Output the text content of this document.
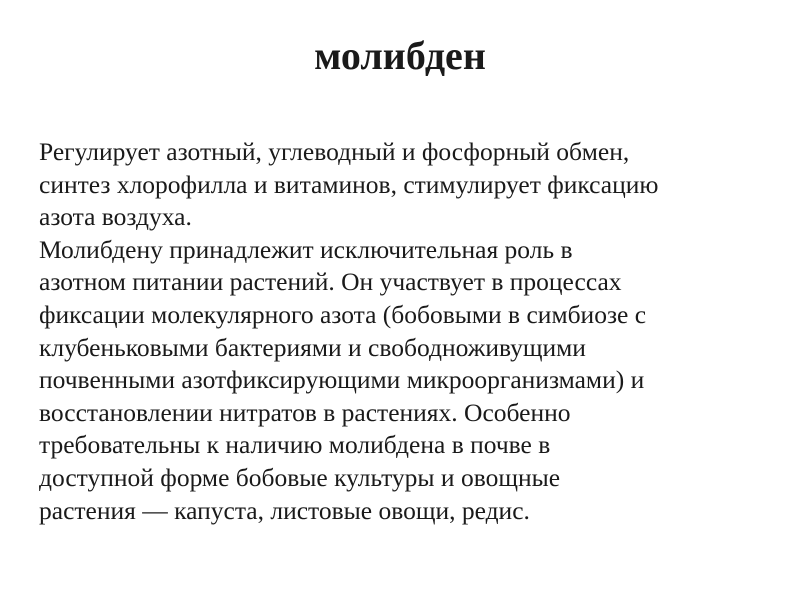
молибден
Регулирует азотный, углеводный и фосфорный обмен,
синтез хлорофилла и витаминов, стимулирует фиксацию
азота воздуха.
Молибдену принадлежит исключительная роль в
азотном питании растений. Он участвует в процессах
фиксации молекулярного азота (бобовыми в симбиозе с
клубеньковыми бактериями и свободноживущими
почвенными азотфиксирующими микроорганизмами) и
восстановлении нитратов в растениях. Особенно
требовательны к наличию молибдена в почве в
доступной форме бобовые культуры и овощные
растения — капуста, листовые овощи, редис.
